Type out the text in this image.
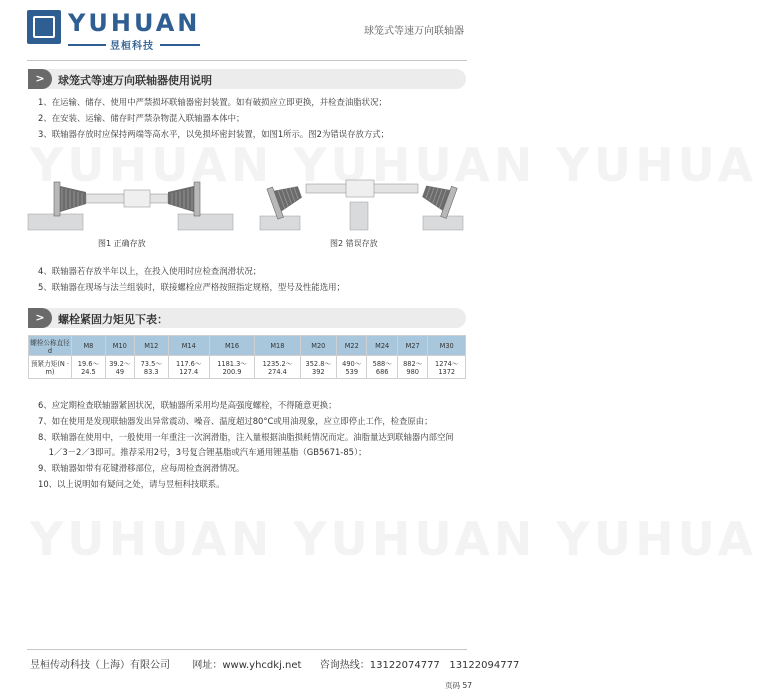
YUHUAN
昱桓科技
球笼式等速万向联轴器
>	球笼式等速万向联轴器使用说明
1、在运输、储存、使用中严禁损坏联轴器密封装置。如有破损应立即更换，并检查油脂状况；
2、在安装、运输、储存时严禁杂物混入联轴器本体中；
3、联轴器存放时应保持两端等高水平，以免损坏密封装置，如图1所示。图2为错误存放方式；
图1 正确存放	图2 错误存放
4、联轴器若存放半年以上，在投入使用时应检查润滑状况；
5、联轴器在现场与法兰组装时，联接螺栓应严格按照指定规格，型号及性能选用；
>	螺栓紧固力矩见下表：
螺栓公称直径d	M8	M10	M12	M14	M16	M18	M20	M22	M24	M27	M30
预紧力矩(N · m)	19.6～24.5	39.2～49	73.5～83.3	117.6～127.4	1181.3～200.9	1235.2～274.4	352.8～392	490～539	588～686	882～980	1274～1372
6、应定期检查联轴器紧固状况，联轴器所采用均是高强度螺栓，不得随意更换；
7、如在使用是发现联轴器发出异常震动、噪音、温度超过80°C或用油现象，应立即停止工作，检查原由；
8、联轴器在使用中，一般使用一年重注一次润滑脂，注入量根据油脂损耗情况而定。油脂量达到联轴器内部空间
1／3－2／3即可。推荐采用2号，3号复合锂基脂或汽车通用锂基脂（GB5671-85）；
9、联轴器如带有花键滑移部位，应每周检查润滑情况。
10、以上说明如有疑问之处，请与昱桓科技联系。
昱桓传动科技（上海）有限公司 网址：www.yhcdkj.net 咨询热线：13122074777   13122094777
页码 57
